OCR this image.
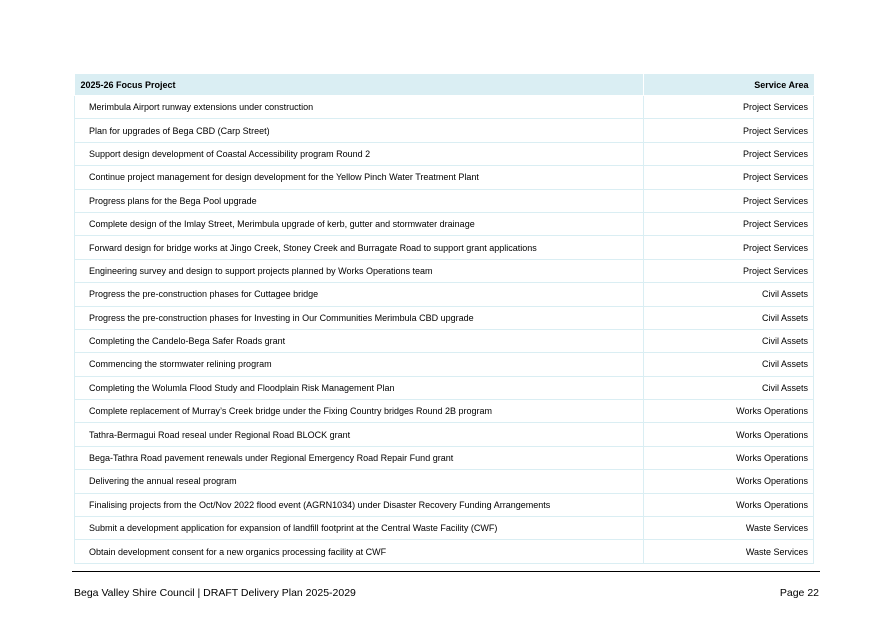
2025-26 Focus Project	Service Area
Merimbula Airport runway extensions under construction	Project Services
Plan for upgrades of Bega CBD (Carp Street)	Project Services
Support design development of Coastal Accessibility program Round 2	Project Services
Continue project management for design development for the Yellow Pinch Water Treatment Plant	Project Services
Progress plans for the Bega Pool upgrade	Project Services
Complete design of the Imlay Street, Merimbula upgrade of kerb, gutter and stormwater drainage	Project Services
Forward design for bridge works at Jingo Creek, Stoney Creek and Burragate Road to support grant applications	Project Services
Engineering survey and design to support projects planned by Works Operations team	Project Services
Progress the pre-construction phases for Cuttagee bridge	Civil Assets
Progress the pre-construction phases for Investing in Our Communities Merimbula CBD upgrade	Civil Assets
Completing the Candelo-Bega Safer Roads grant	Civil Assets
Commencing the stormwater relining program	Civil Assets
Completing the Wolumla Flood Study and Floodplain Risk Management Plan	Civil Assets
Complete replacement of Murray’s Creek bridge under the Fixing Country bridges Round 2B program	Works Operations
Tathra-Bermagui Road reseal under Regional Road BLOCK grant	Works Operations
Bega-Tathra Road pavement renewals under Regional Emergency Road Repair Fund grant	Works Operations
Delivering the annual reseal program	Works Operations
Finalising projects from the Oct/Nov 2022 flood event (AGRN1034) under Disaster Recovery Funding Arrangements	Works Operations
Submit a development application for expansion of landfill footprint at the Central Waste Facility (CWF)	Waste Services
Obtain development consent for a new organics processing facility at CWF	Waste Services
Bega Valley Shire Council | DRAFT Delivery Plan 2025-2029	Page 22
